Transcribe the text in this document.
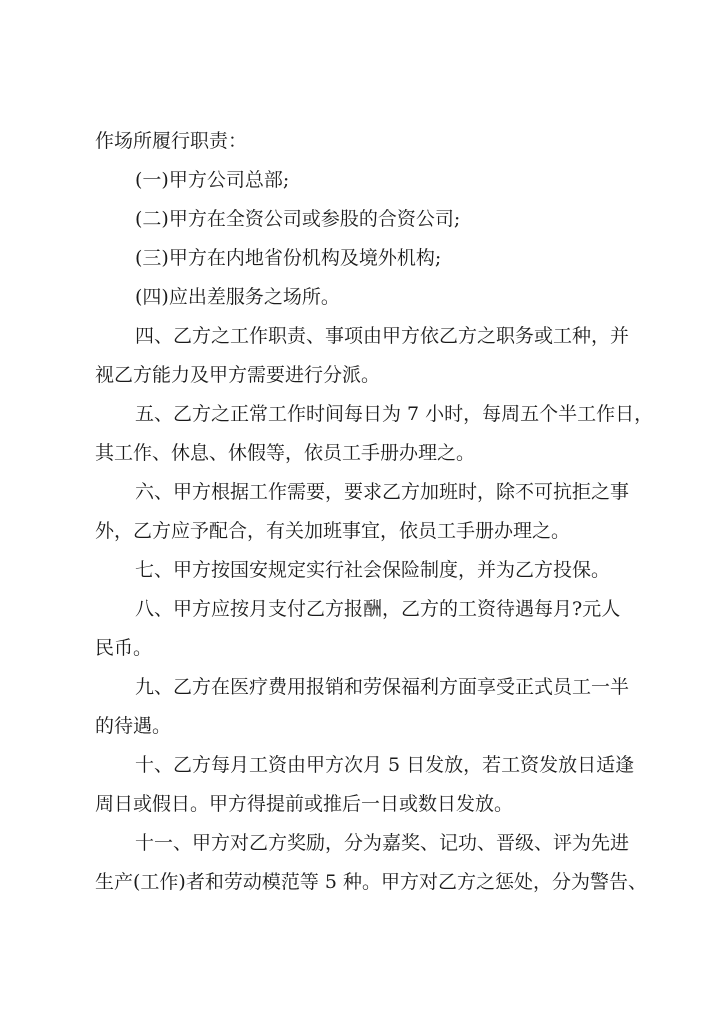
作场所履行职责：
(一)甲方公司总部;
(二)甲方在全资公司或参股的合资公司;
(三)甲方在内地省份机构及境外机构;
(四)应出差服务之场所。
四、乙方之工作职责、事项由甲方依乙方之职务或工种，并
视乙方能力及甲方需要进行分派。
五、乙方之正常工作时间每日为 7 小时，每周五个半工作日，
其工作、休息、休假等，依员工手册办理之。
六、甲方根据工作需要，要求乙方加班时，除不可抗拒之事
外，乙方应予配合，有关加班事宜，依员工手册办理之。
七、甲方按国安规定实行社会保险制度，并为乙方投保。
八、甲方应按月支付乙方报酬，乙方的工资待遇每月?元人
民币。
九、乙方在医疗费用报销和劳保福利方面享受正式员工一半
的待遇。
十、乙方每月工资由甲方次月 5 日发放，若工资发放日适逢
周日或假日。甲方得提前或推后一日或数日发放。
十一、甲方对乙方奖励，分为嘉奖、记功、晋级、评为先进
生产(工作)者和劳动模范等 5 种。甲方对乙方之惩处，分为警告、
